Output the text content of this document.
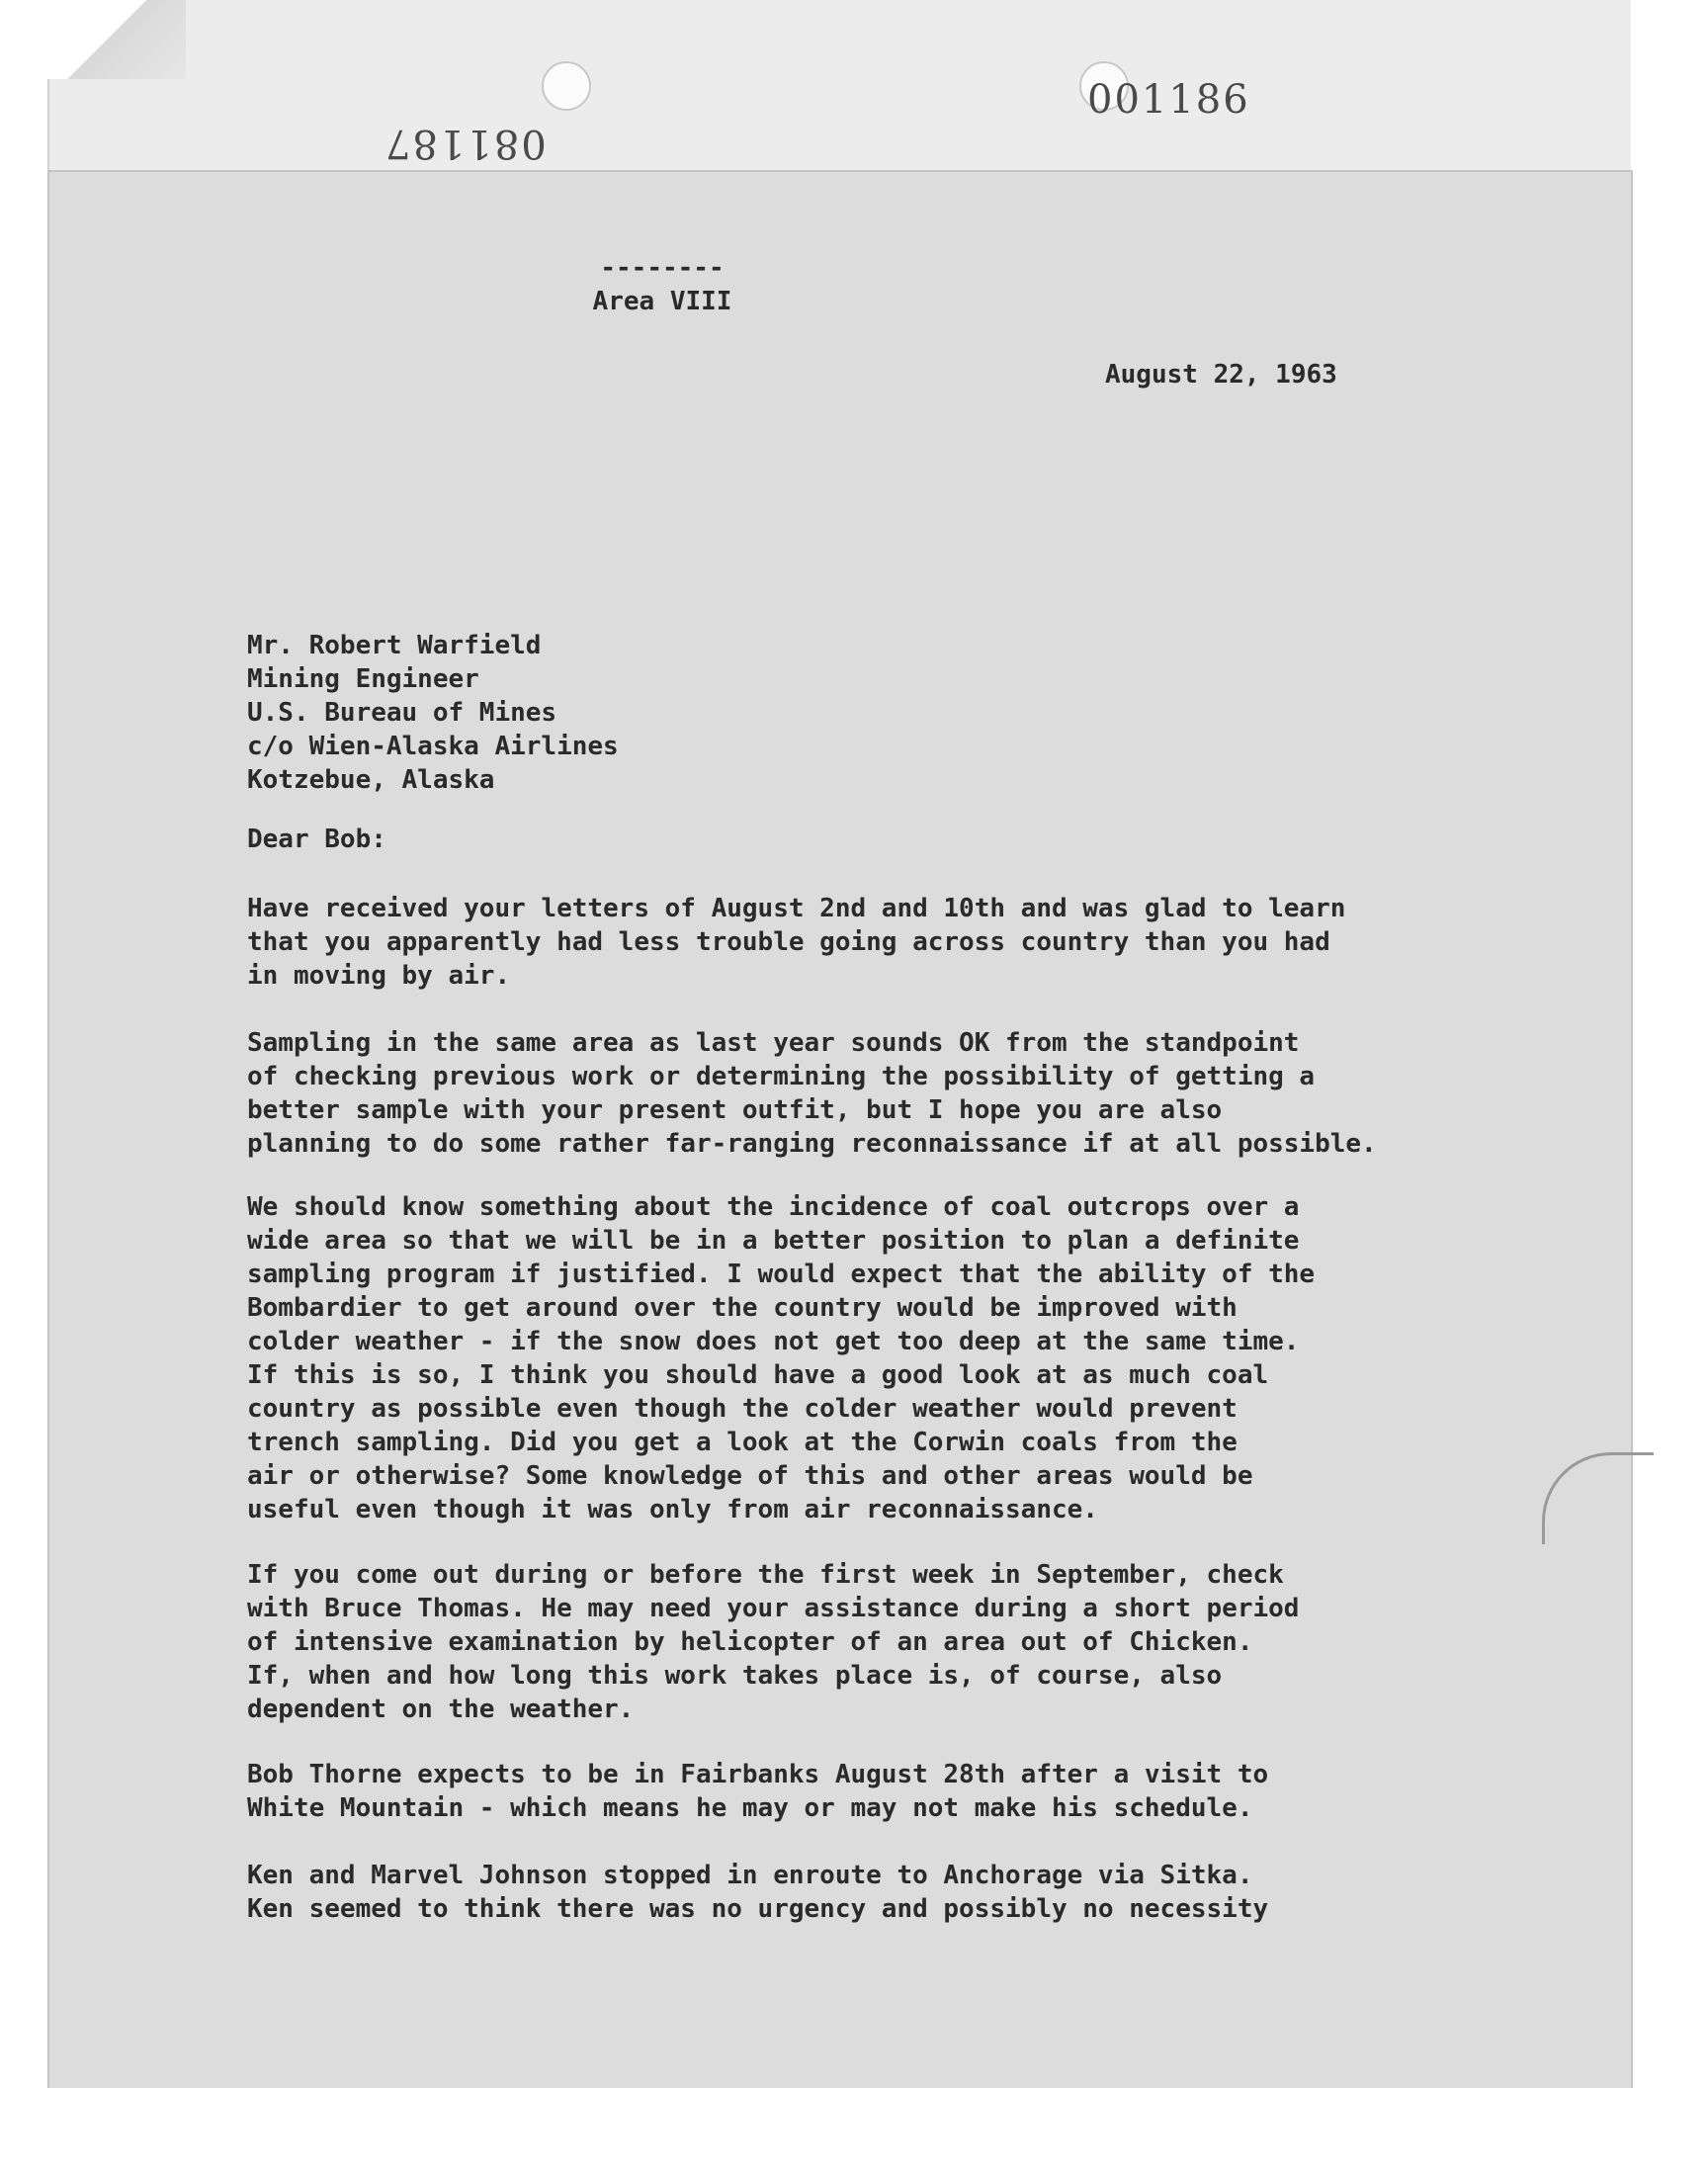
001186
081187
--------
Area VIII
August 22, 1963
Mr. Robert Warfield
Mining Engineer
U.S. Bureau of Mines
c/o Wien-Alaska Airlines
Kotzebue, Alaska
Dear Bob:
Have received your letters of August 2nd and 10th and was glad to learn
that you apparently had less trouble going across country than you had
in moving by air.
Sampling in the same area as last year sounds OK from the standpoint
of checking previous work or determining the possibility of getting a
better sample with your present outfit, but I hope you are also
planning to do some rather far-ranging reconnaissance if at all possible.
We should know something about the incidence of coal outcrops over a
wide area so that we will be in a better position to plan a definite
sampling program if justified. I would expect that the ability of the
Bombardier to get around over the country would be improved with
colder weather - if the snow does not get too deep at the same time.
If this is so, I think you should have a good look at as much coal
country as possible even though the colder weather would prevent
trench sampling. Did you get a look at the Corwin coals from the
air or otherwise? Some knowledge of this and other areas would be
useful even though it was only from air reconnaissance.
If you come out during or before the first week in September, check
with Bruce Thomas. He may need your assistance during a short period
of intensive examination by helicopter of an area out of Chicken.
If, when and how long this work takes place is, of course, also
dependent on the weather.
Bob Thorne expects to be in Fairbanks August 28th after a visit to
White Mountain - which means he may or may not make his schedule.
Ken and Marvel Johnson stopped in enroute to Anchorage via Sitka.
Ken seemed to think there was no urgency and possibly no necessity
